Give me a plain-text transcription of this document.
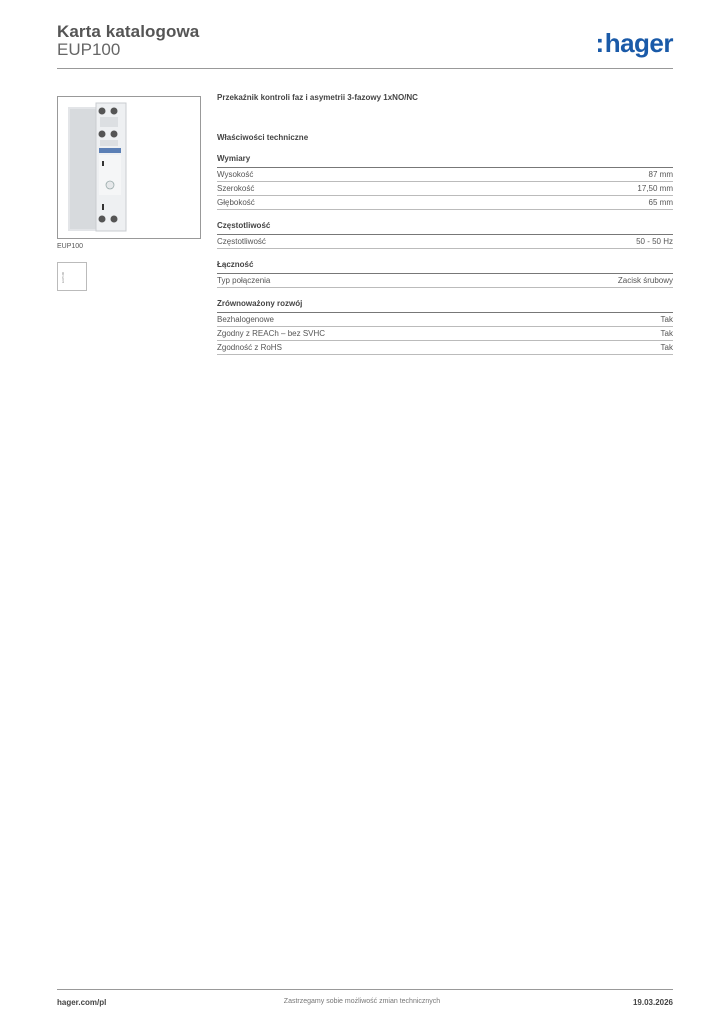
Karta katalogowa
EUP100	:hager
EUP100
EUP100
Przekaźnik kontroli faz i asymetrii 3-fazowy 1xNO/NC
Właściwości techniczne
Wymiary
Wysokość	87 mm
Szerokość	17,50 mm
Głębokość	65 mm
Częstotliwość
Częstotliwość	50 - 50 Hz
Łączność
Typ połączenia	Zacisk śrubowy
Zrównoważony rozwój
Bezhalogenowe	Tak
Zgodny z REACh – bez SVHC	Tak
Zgodność z RoHS	Tak
hager.com/pl	Zastrzegamy sobie możliwość zmian technicznych	19.03.2026
